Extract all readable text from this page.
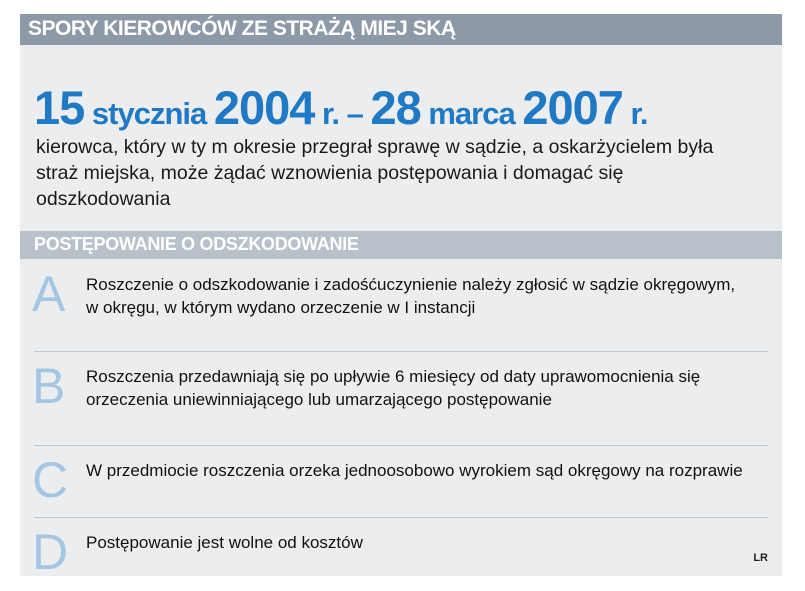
SPORY KIEROWCÓW ZE STRAŻĄ MIEJ SKĄ
15 stycznia 2004 r. – 28 marca 2007 r.
kierowca, który w ty m okresie przegrał sprawę w sądzie, a oskarżycielem była straż miejska, może żądać wznowienia postępowania i domagać się odszkodowania
POSTĘPOWANIE O ODSZKODOWANIE
A Roszczenie o odszkodowanie i zadośćuczynienie należy zgłosić w sądzie okręgowym, w okręgu, w którym wydano orzeczenie w I instancji
B Roszczenia przedawniają się po upływie 6 miesięcy od daty uprawomocnienia się orzeczenia uniewinniającego lub umarzającego postępowanie
C W przedmiocie roszczenia orzeka jednoosobowo wyrokiem sąd okręgowy na rozprawie
D Postępowanie jest wolne od kosztów
LR
